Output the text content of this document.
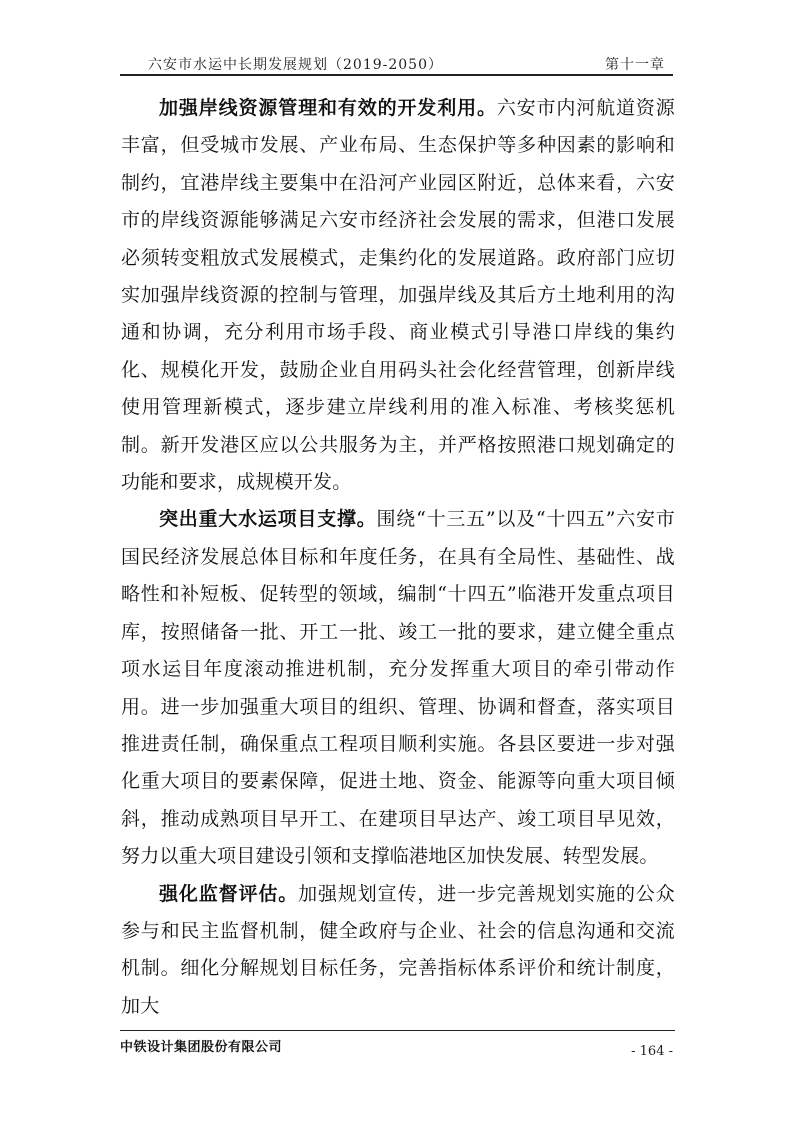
六安市水运中长期发展规划（2019-2050）	第十一章

加强岸线资源管理和有效的开发利用。六安市内河航道资源丰富，但受城市发展、产业布局、生态保护等多种因素的影响和制约，宜港岸线主要集中在沿河产业园区附近，总体来看，六安市的岸线资源能够满足六安市经济社会发展的需求，但港口发展必须转变粗放式发展模式，走集约化的发展道路。政府部门应切实加强岸线资源的控制与管理，加强岸线及其后方土地利用的沟通和协调，充分利用市场手段、商业模式引导港口岸线的集约化、规模化开发，鼓励企业自用码头社会化经营管理，创新岸线使用管理新模式，逐步建立岸线利用的准入标准、考核奖惩机制。新开发港区应以公共服务为主，并严格按照港口规划确定的功能和要求，成规模开发。

突出重大水运项目支撑。围绕“十三五”以及“十四五”六安市国民经济发展总体目标和年度任务，在具有全局性、基础性、战略性和补短板、促转型的领域，编制“十四五”临港开发重点项目库，按照储备一批、开工一批、竣工一批的要求，建立健全重点项水运目年度滚动推进机制，充分发挥重大项目的牵引带动作用。进一步加强重大项目的组织、管理、协调和督查，落实项目推进责任制，确保重点工程项目顺利实施。各县区要进一步对强化重大项目的要素保障，促进土地、资金、能源等向重大项目倾斜，推动成熟项目早开工、在建项目早达产、竣工项目早见效，努力以重大项目建设引领和支撑临港地区加快发展、转型发展。

强化监督评估。加强规划宣传，进一步完善规划实施的公众参与和民主监督机制，健全政府与企业、社会的信息沟通和交流机制。细化分解规划目标任务，完善指标体系评价和统计制度，加大

中铁设计集团股份有限公司	- 164 -
